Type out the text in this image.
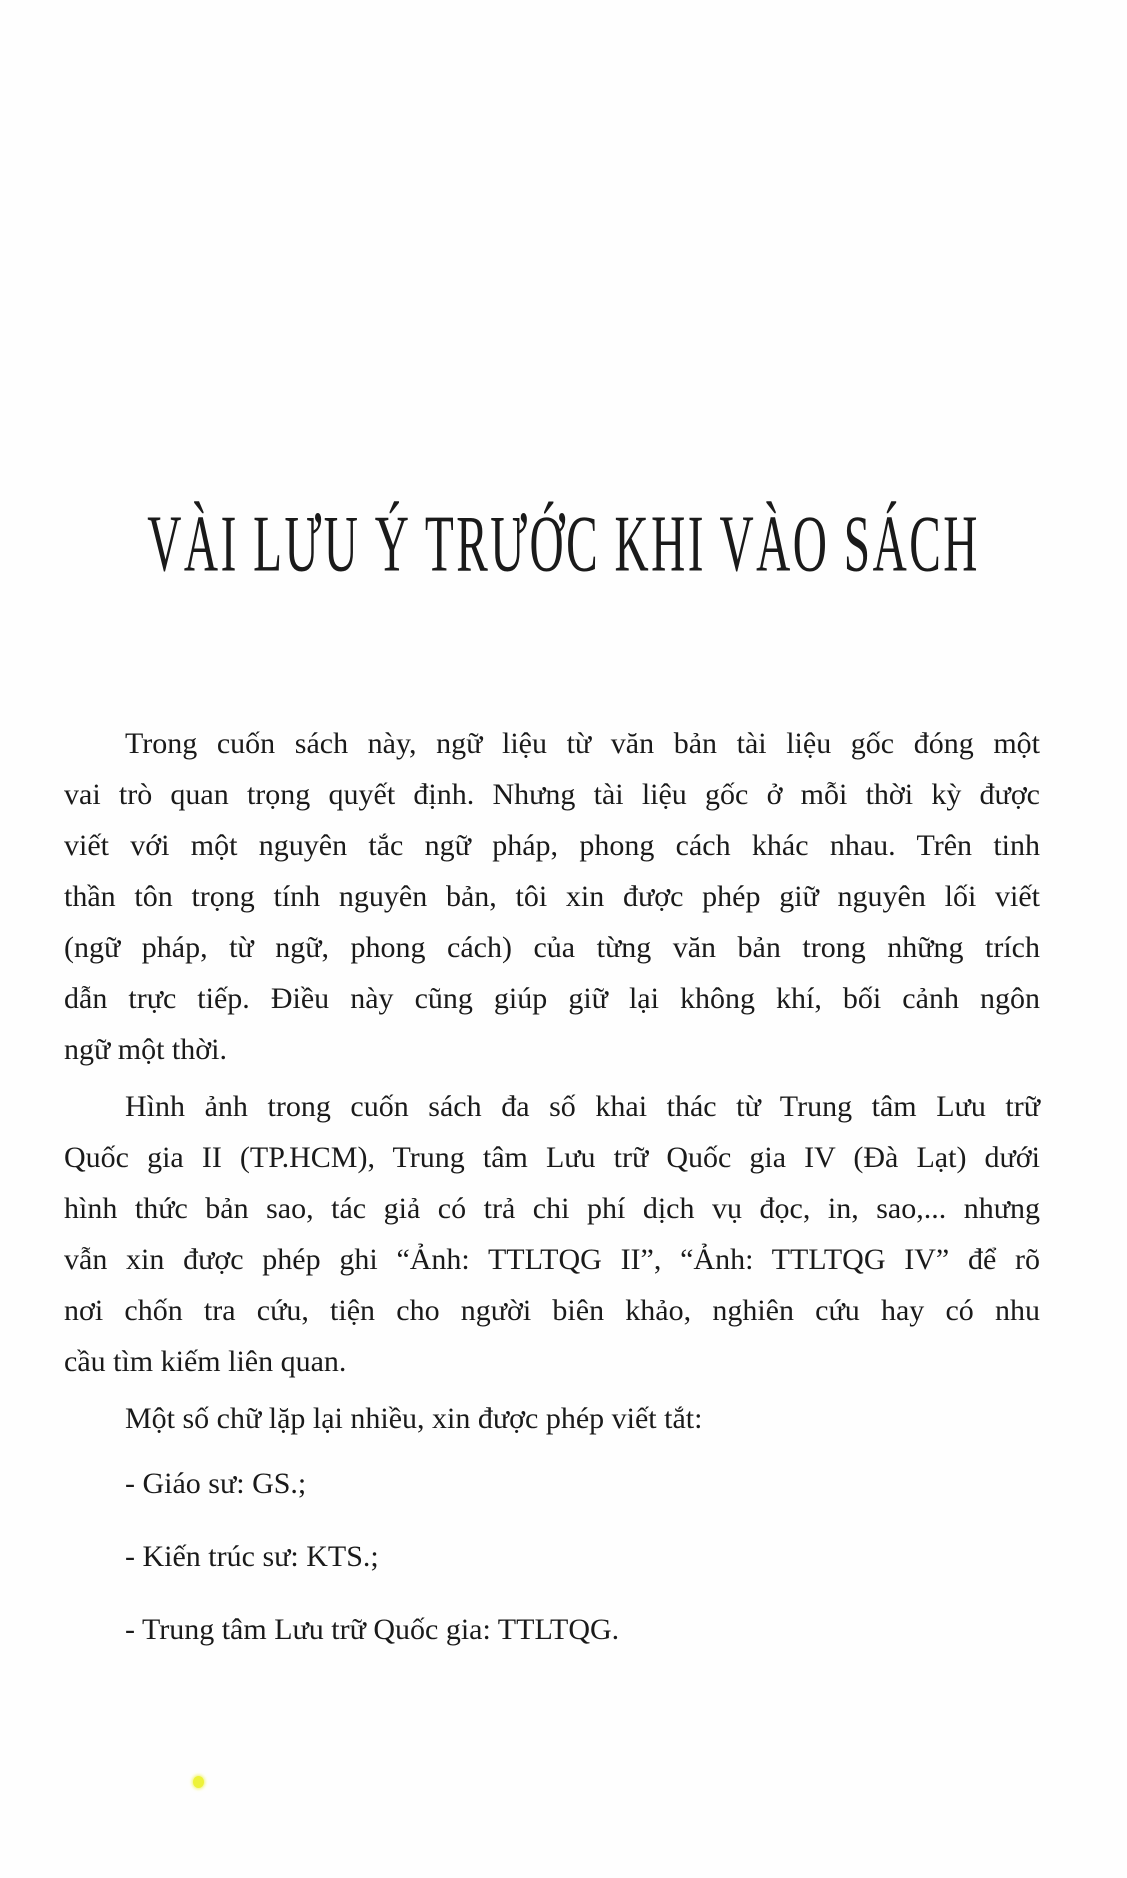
VÀI LƯU Ý TRƯỚC KHI VÀO SÁCH
Trong cuốn sách này, ngữ liệu từ văn bản tài liệu gốc đóng một
vai trò quan trọng quyết định. Nhưng tài liệu gốc ở mỗi thời kỳ được
viết với một nguyên tắc ngữ pháp, phong cách khác nhau. Trên tinh
thần tôn trọng tính nguyên bản, tôi xin được phép giữ nguyên lối viết
(ngữ pháp, từ ngữ, phong cách) của từng văn bản trong những trích
dẫn trực tiếp. Điều này cũng giúp giữ lại không khí, bối cảnh ngôn
ngữ một thời.
Hình ảnh trong cuốn sách đa số khai thác từ Trung tâm Lưu trữ
Quốc gia II (TP.HCM), Trung tâm Lưu trữ Quốc gia IV (Đà Lạt) dưới
hình thức bản sao, tác giả có trả chi phí dịch vụ đọc, in, sao,... nhưng
vẫn xin được phép ghi “Ảnh: TTLTQG II”, “Ảnh: TTLTQG IV” để rõ
nơi chốn tra cứu, tiện cho người biên khảo, nghiên cứu hay có nhu
cầu tìm kiếm liên quan.
Một số chữ lặp lại nhiều, xin được phép viết tắt:
- Giáo sư: GS.;
- Kiến trúc sư: KTS.;
- Trung tâm Lưu trữ Quốc gia: TTLTQG.
